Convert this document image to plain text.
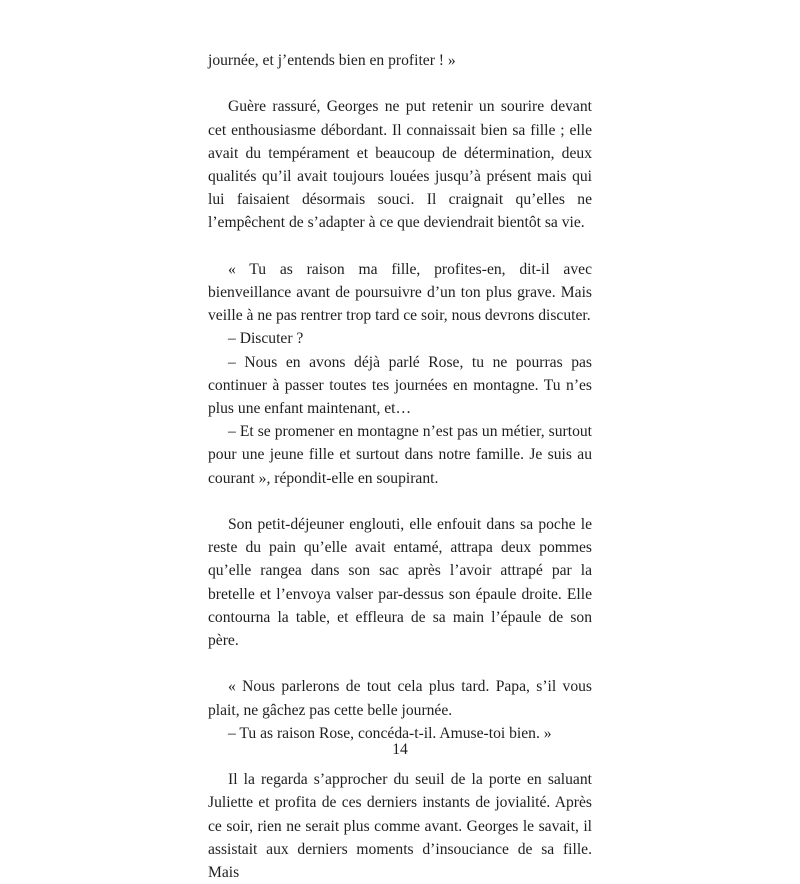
journée, et j’entends bien en profiter ! »

Guère rassuré, Georges ne put retenir un sourire devant cet enthousiasme débordant. Il connaissait bien sa fille ; elle avait du tempérament et beaucoup de détermination, deux qualités qu’il avait toujours louées jusqu’à présent mais qui lui faisaient désormais souci. Il craignait qu’elles ne l’empêchent de s’adapter à ce que deviendrait bientôt sa vie.

« Tu as raison ma fille, profites-en, dit-il avec bienveillance avant de poursuivre d’un ton plus grave. Mais veille à ne pas rentrer trop tard ce soir, nous devrons discuter.

– Discuter ?

– Nous en avons déjà parlé Rose, tu ne pourras pas continuer à passer toutes tes journées en montagne. Tu n’es plus une enfant maintenant, et…

– Et se promener en montagne n’est pas un métier, surtout pour une jeune fille et surtout dans notre famille. Je suis au courant », répondit-elle en soupirant.

Son petit-déjeuner englouti, elle enfouit dans sa poche le reste du pain qu’elle avait entamé, attrapa deux pommes qu’elle rangea dans son sac après l’avoir attrapé par la bretelle et l’envoya valser par-dessus son épaule droite. Elle contourna la table, et effleura de sa main l’épaule de son père.

« Nous parlerons de tout cela plus tard. Papa, s’il vous plait, ne gâchez pas cette belle journée.

– Tu as raison Rose, concéda-t-il. Amuse-toi bien. »

Il la regarda s’approcher du seuil de la porte en saluant Juliette et profita de ces derniers instants de jovialité. Après ce soir, rien ne serait plus comme avant. Georges le savait, il assistait aux derniers moments d’insouciance de sa fille. Mais

14
